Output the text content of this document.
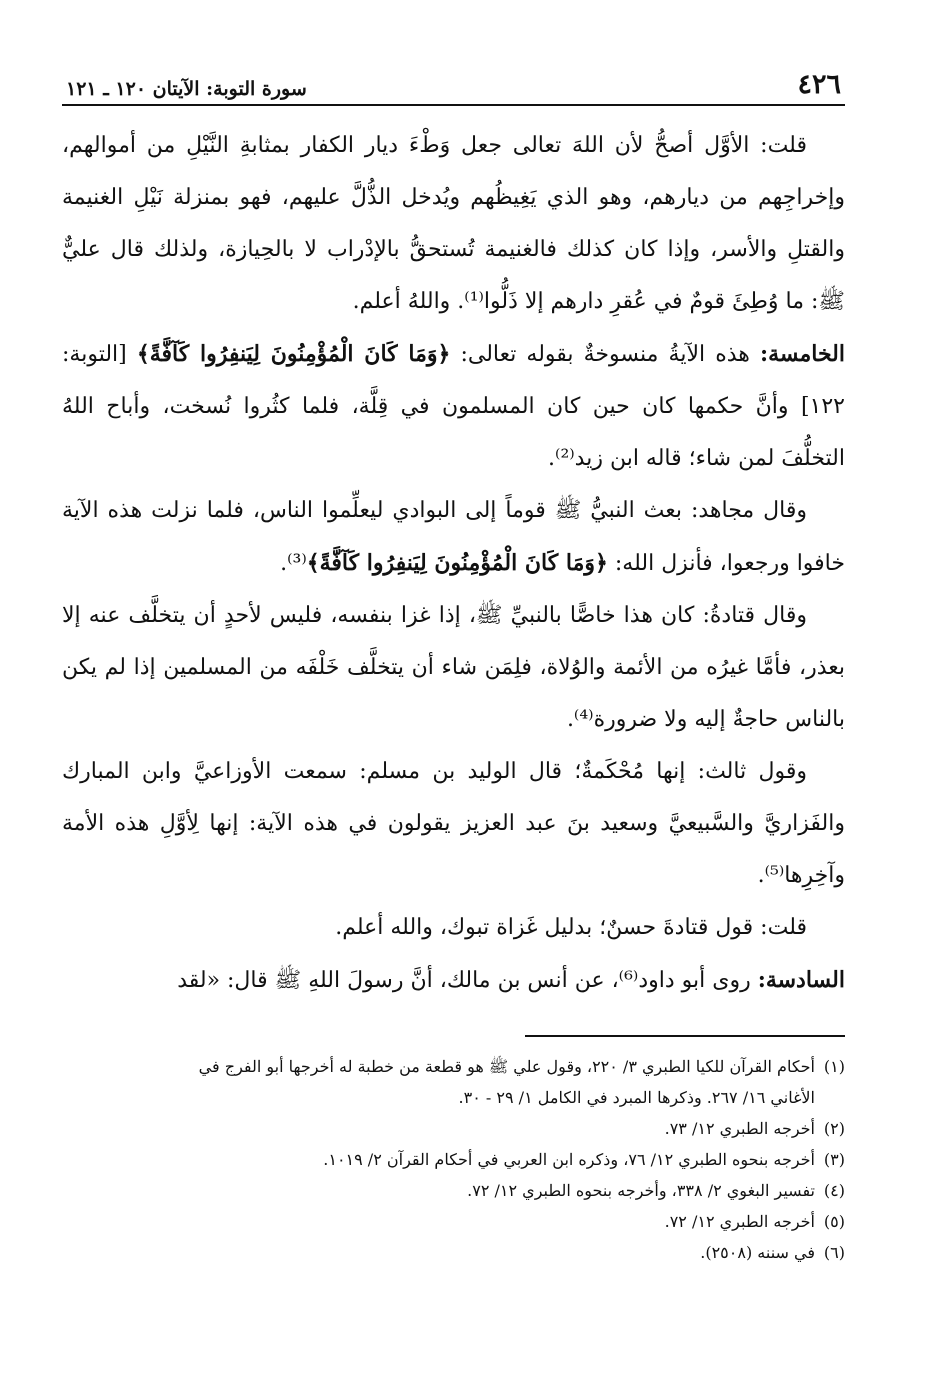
٤٢٦
سورة التوبة: الآيتان ١٢٠ ـ ١٢١

قلت: الأوَّل أصحُّ لأن اللهَ تعالى جعل وَطْءَ ديار الكفار بمثابةِ النَّيْلِ من أموالهم، وإخراجِهم من ديارهم، وهو الذي يَغِيظُهم ويُدخل الذُّلَّ عليهم، فهو بمنزلة نَيْلِ الغنيمة والقتلِ والأسر، وإذا كان كذلك فالغنيمة تُستحقُّ بالإدْراب لا بالحِيازة، ولذلك قال عليٌّ ﷺ: ما وُطِئَ قومٌ في عُقرِ دارهم إلا ذَلُّوا⁽¹⁾. واللهُ أعلم.

الخامسة: هذه الآيةُ منسوخةٌ بقوله تعالى: ﴿وَمَا كَانَ الْمُؤْمِنُونَ لِيَنفِرُوا كَآفَّةً﴾ [التوبة: ١٢٢] وأنَّ حكمها كان حين كان المسلمون في قِلَّة، فلما كثُروا نُسخت، وأباح اللهُ التخلُّفَ لمن شاء؛ قاله ابن زيد⁽²⁾.

وقال مجاهد: بعث النبيُّ ﷺ قوماً إلى البوادي ليعلِّموا الناس، فلما نزلت هذه الآية خافوا ورجعوا، فأنزل الله: ﴿وَمَا كَانَ الْمُؤْمِنُونَ لِيَنفِرُوا كَآفَّةً﴾⁽³⁾.

وقال قتادةُ: كان هذا خاصًّا بالنبيِّ ﷺ، إذا غزا بنفسه، فليس لأحدٍ أن يتخلَّف عنه إلا بعذر، فأمَّا غيرُه من الأئمة والوُلاة، فلِمَن شاء أن يتخلَّف خَلْفَه من المسلمين إذا لم يكن بالناس حاجةٌ إليه ولا ضرورة⁽⁴⁾.

وقول ثالث: إنها مُحْكَمةٌ؛ قال الوليد بن مسلم: سمعت الأوزاعيَّ وابن المبارك والفَزاريَّ والسَّبيعيَّ وسعيد بنَ عبد العزيز يقولون في هذه الآية: إنها لِأوَّلِ هذه الأمة وآخِرِها⁽⁵⁾.

قلت: قول قتادةَ حسنٌ؛ بدليل غَزاة تبوك، والله أعلم.

السادسة: روى أبو داود⁽⁶⁾، عن أنس بن مالك، أنَّ رسولَ اللهِ ﷺ قال: «لقد

(١)أحكام القرآن للكيا الطبري ٣/ ٢٢٠، وقول علي ﷺ هو قطعة من خطبة له أخرجها أبو الفرج في

الأغاني ١٦/ ٢٦٧. وذكرها المبرد في الكامل ١/ ٢٩ - ٣٠.

(٢)أخرجه الطبري ١٢/ ٧٣.

(٣)أخرجه بنحوه الطبري ١٢/ ٧٦، وذكره ابن العربي في أحكام القرآن ٢/ ١٠١٩.

(٤)تفسير البغوي ٢/ ٣٣٨، وأخرجه بنحوه الطبري ١٢/ ٧٢.

(٥)أخرجه الطبري ١٢/ ٧٢.

(٦)في سننه (٢٥٠٨).
